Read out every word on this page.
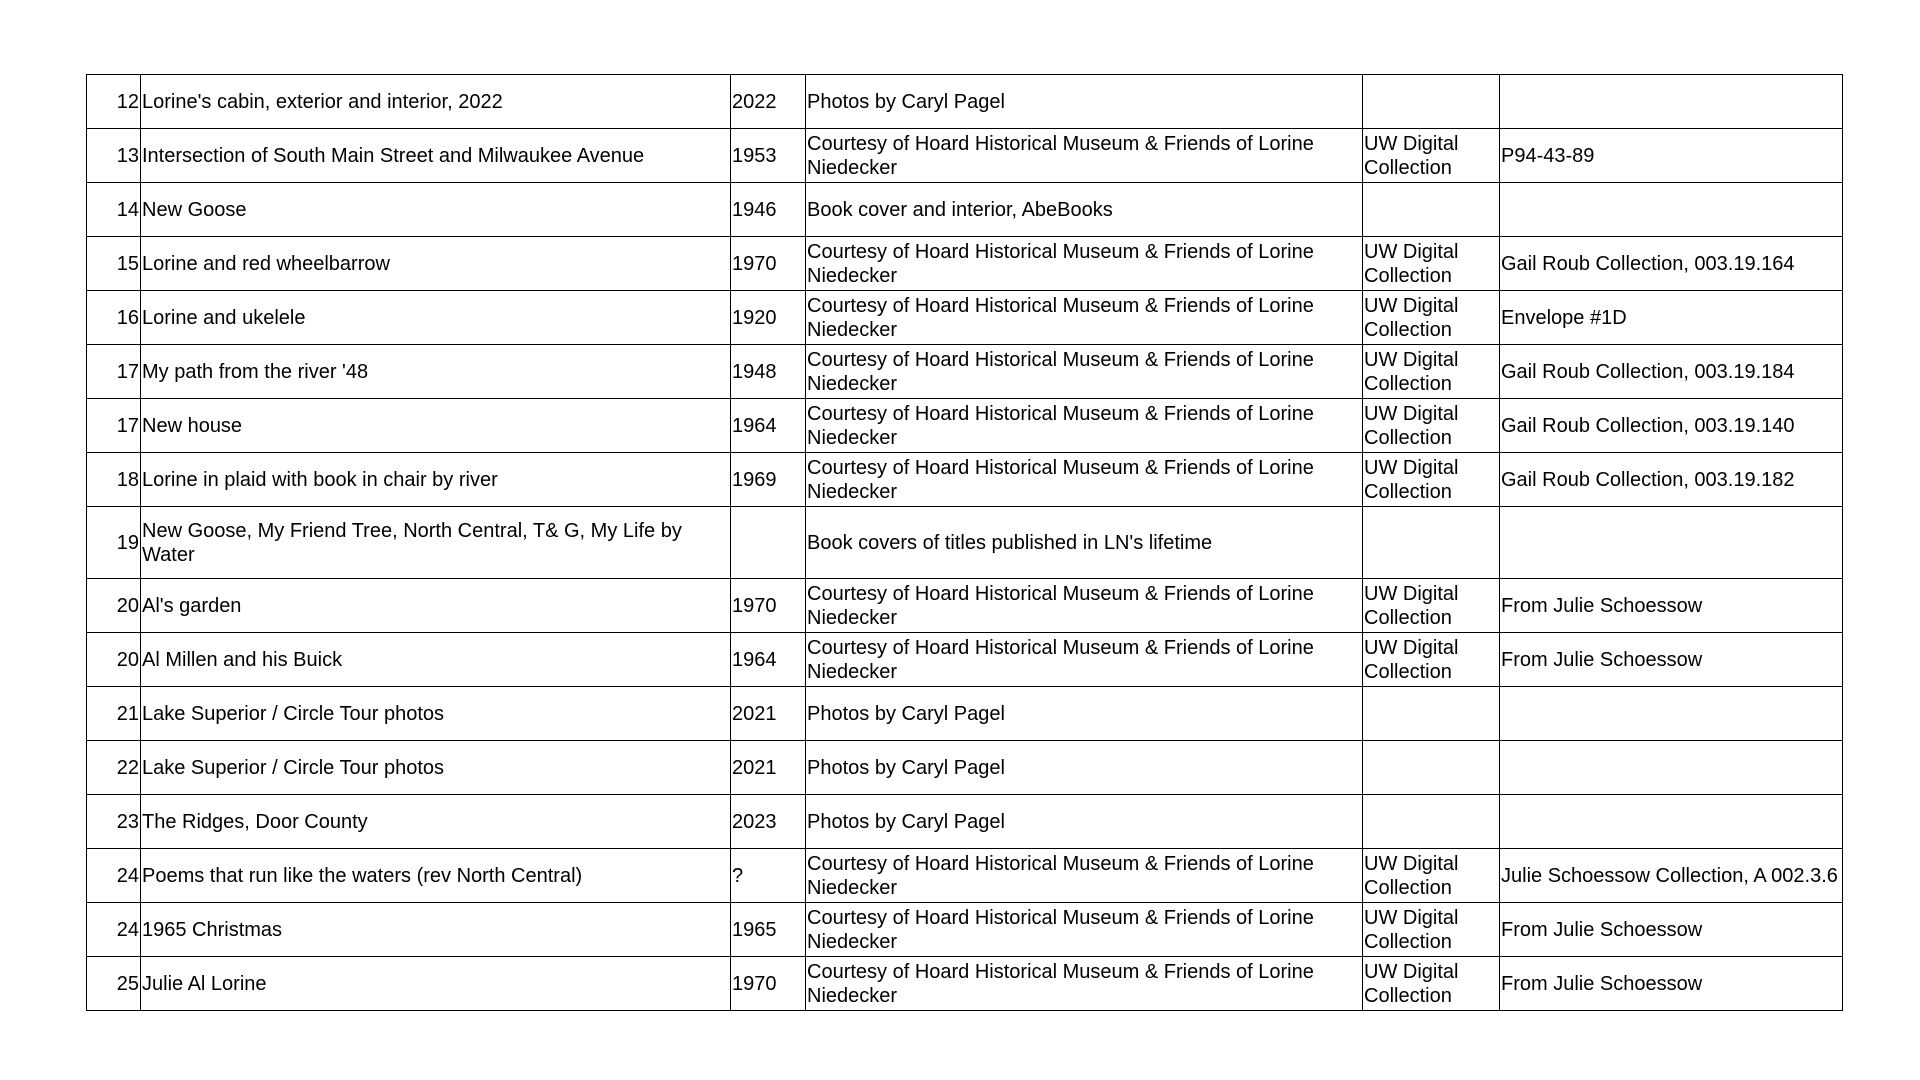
12	Lorine's cabin, exterior and interior, 2022	2022	Photos by Caryl Pagel		
13	Intersection of South Main Street and Milwaukee Avenue	1953	Courtesy of Hoard Historical Museum & Friends of Lorine Niedecker	UW Digital Collection	P94-43-89
14	New Goose	1946	Book cover and interior, AbeBooks		
15	Lorine and red wheelbarrow	1970	Courtesy of Hoard Historical Museum & Friends of Lorine Niedecker	UW Digital Collection	Gail Roub Collection, 003.19.164
16	Lorine and ukelele	1920	Courtesy of Hoard Historical Museum & Friends of Lorine Niedecker	UW Digital Collection	Envelope #1D
17	My path from the river '48	1948	Courtesy of Hoard Historical Museum & Friends of Lorine Niedecker	UW Digital Collection	Gail Roub Collection, 003.19.184
17	New house	1964	Courtesy of Hoard Historical Museum & Friends of Lorine Niedecker	UW Digital Collection	Gail Roub Collection, 003.19.140
18	Lorine in plaid with book in chair by river	1969	Courtesy of Hoard Historical Museum & Friends of Lorine Niedecker	UW Digital Collection	Gail Roub Collection, 003.19.182
19	New Goose, My Friend Tree, North Central, T& G, My Life by Water		Book covers of titles published in LN's lifetime		
20	Al's garden	1970	Courtesy of Hoard Historical Museum & Friends of Lorine Niedecker	UW Digital Collection	From Julie Schoessow
20	Al Millen and his Buick	1964	Courtesy of Hoard Historical Museum & Friends of Lorine Niedecker	UW Digital Collection	From Julie Schoessow
21	Lake Superior / Circle Tour photos	2021	Photos by Caryl Pagel		
22	Lake Superior / Circle Tour photos	2021	Photos by Caryl Pagel		
23	The Ridges, Door County	2023	Photos by Caryl Pagel		
24	Poems that run like the waters (rev North Central)	?	Courtesy of Hoard Historical Museum & Friends of Lorine Niedecker	UW Digital Collection	Julie Schoessow Collection, A 002.3.6
24	1965 Christmas	1965	Courtesy of Hoard Historical Museum & Friends of Lorine Niedecker	UW Digital Collection	From Julie Schoessow
25	Julie Al Lorine	1970	Courtesy of Hoard Historical Museum & Friends of Lorine Niedecker	UW Digital Collection	From Julie Schoessow
